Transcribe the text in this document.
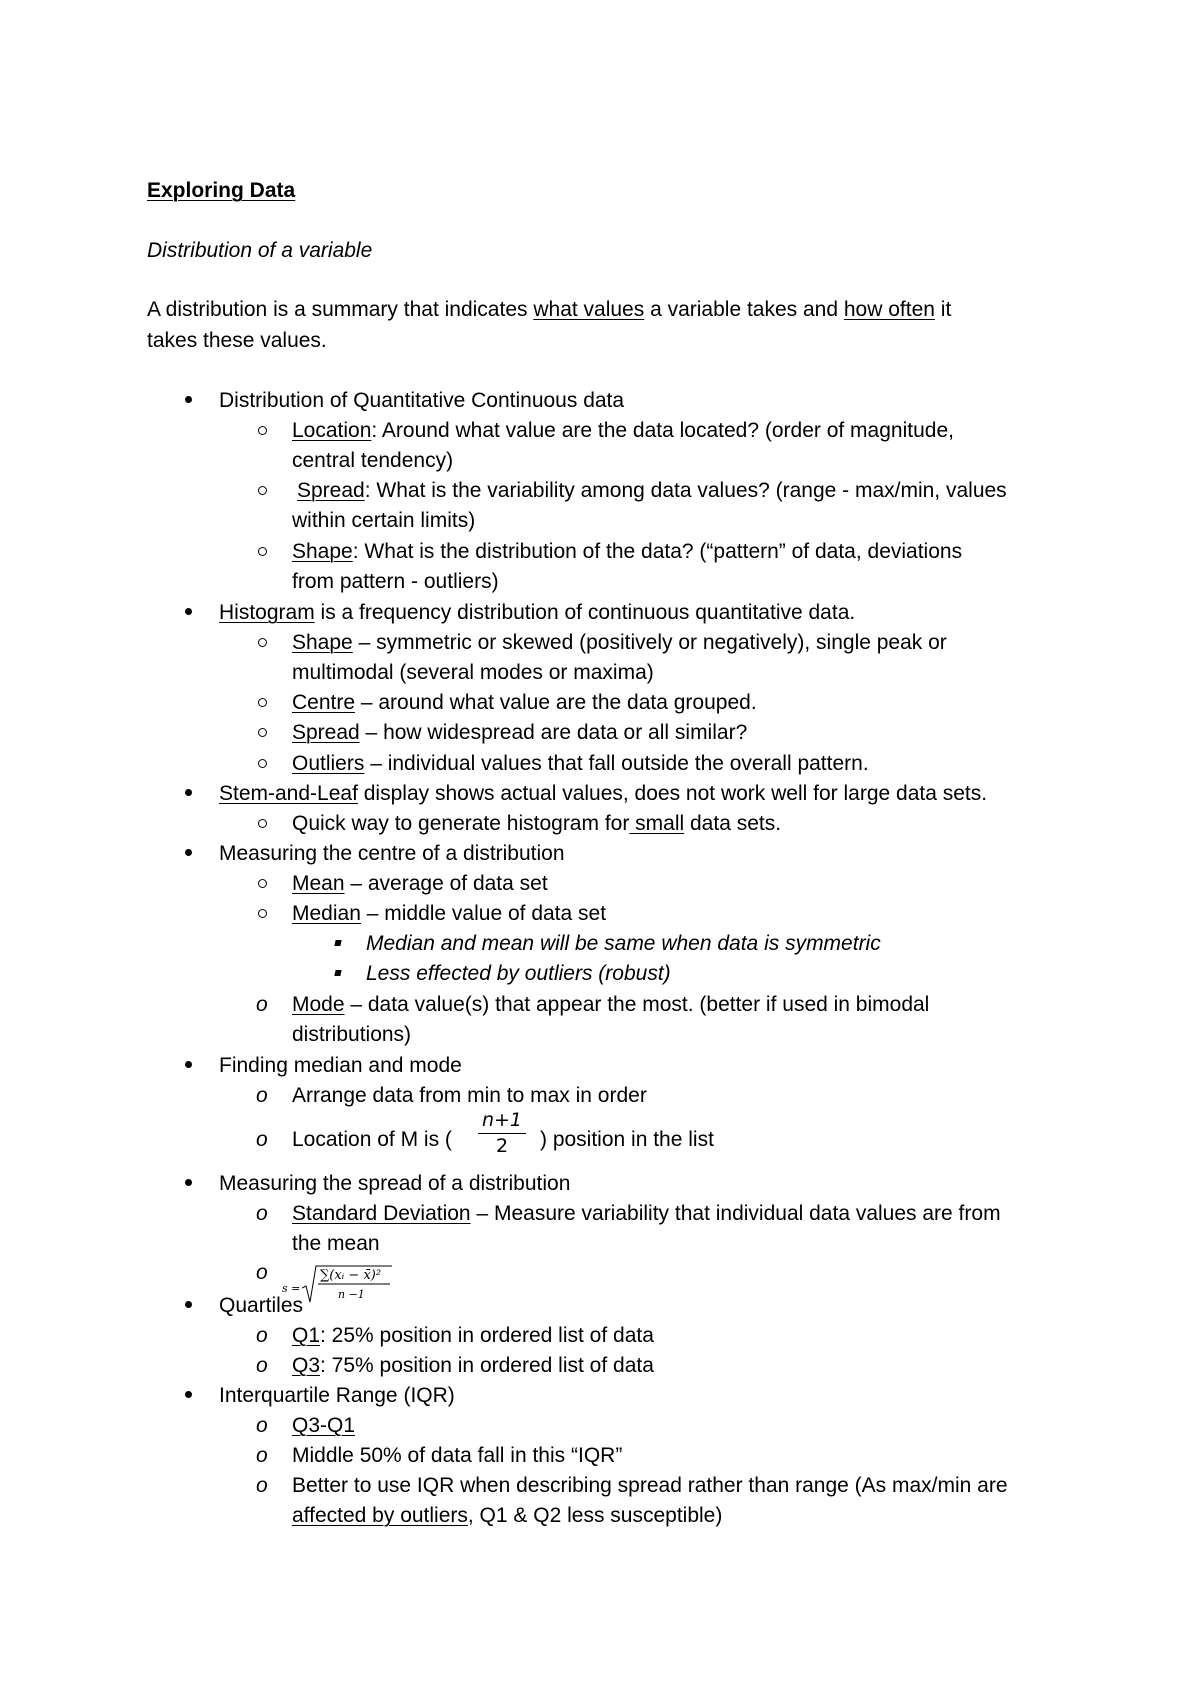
Exploring Data
Distribution of a variable
A distribution is a summary that indicates what values a variable takes and how often it
takes these values.
Distribution of Quantitative Continuous data
Location: Around what value are the data located? (order of magnitude,
central tendency)
Spread: What is the variability among data values? (range - max/min, values
within certain limits)
Shape: What is the distribution of the data? (“pattern” of data, deviations
from pattern - outliers)
Histogram is a frequency distribution of continuous quantitative data.
Shape – symmetric or skewed (positively or negatively), single peak or
multimodal (several modes or maxima)
Centre – around what value are the data grouped.
Spread – how widespread are data or all similar?
Outliers – individual values that fall outside the overall pattern.
Stem-and-Leaf display shows actual values, does not work well for large data sets.
Quick way to generate histogram for small data sets.
Measuring the centre of a distribution
Mean – average of data set
Median – middle value of data set
Median and mean will be same when data is symmetric
Less effected by outliers (robust)
o Mode – data value(s) that appear the most. (better if used in bimodal
distributions)
Finding median and mode
o Arrange data from min to max in order
o Location of M is (
n+1
2	) position in the list
Measuring the spread of a distribution
o Standard Deviation – Measure variability that individual data values are from
the mean
o
s =
∑(xᵢ − x̄)²
n −1
Quartiles
o Q1: 25% position in ordered list of data
o Q3: 75% position in ordered list of data
Interquartile Range (IQR)
o Q3-Q1
o Middle 50% of data fall in this “IQR”
o Better to use IQR when describing spread rather than range (As max/min are
affected by outliers, Q1 & Q2 less susceptible)
